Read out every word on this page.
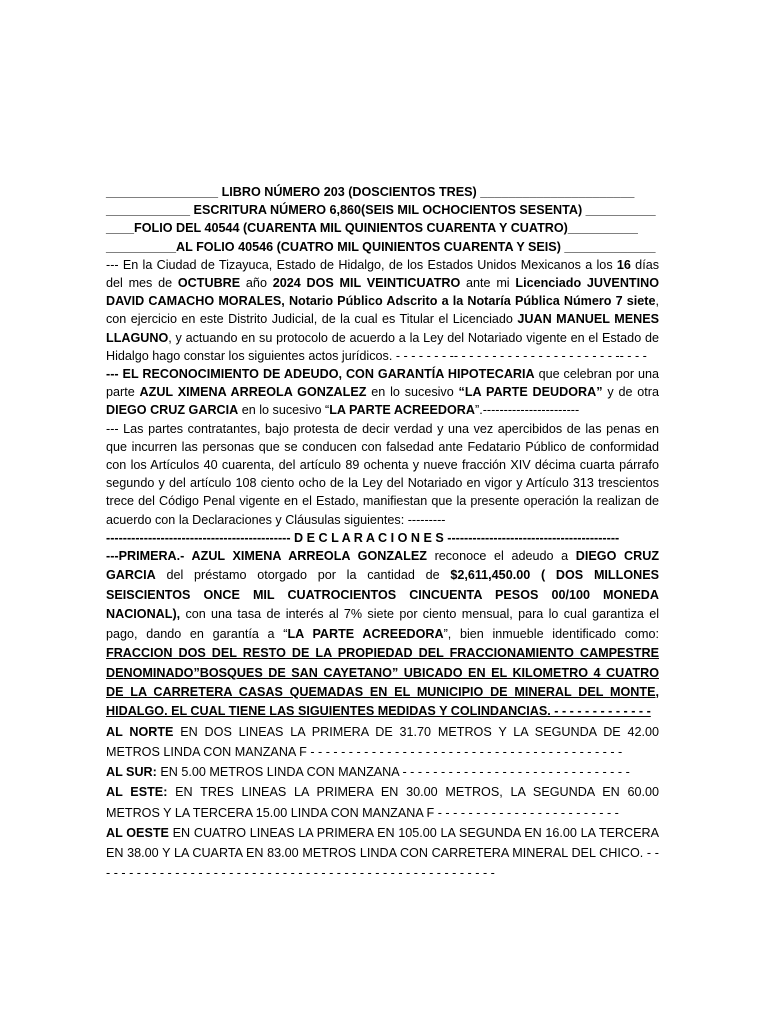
________________ LIBRO NÚMERO 203 (DOSCIENTOS TRES) ______________________

____________ ESCRITURA NÚMERO 6,860(SEIS MIL OCHOCIENTOS SESENTA) __________

____FOLIO DEL 40544 (CUARENTA MIL QUINIENTOS CUARENTA Y CUATRO)__________

__________AL FOLIO 40546 (CUATRO MIL QUINIENTOS CUARENTA Y SEIS) _____________

--- En la Ciudad de Tizayuca, Estado de Hidalgo, de los Estados Unidos Mexicanos a los 16 días del mes de OCTUBRE año 2024 DOS MIL VEINTICUATRO ante mi Licenciado JUVENTINO DAVID CAMACHO MORALES, Notario Público Adscrito a la Notaría Pública Número 7 siete, con ejercicio en este Distrito Judicial, de la cual es Titular el Licenciado JUAN MANUEL MENES LLAGUNO, y actuando en su protocolo de acuerdo a la Ley del Notariado vigente en el Estado de Hidalgo hago constar los siguientes actos jurídicos. - - - - - - - -- - - - - - - - - - - - - - - - - - - - - -- - - -

--- EL RECONOCIMIENTO DE ADEUDO, CON GARANTÍA HIPOTECARIA que celebran por una parte AZUL XIMENA ARREOLA GONZALEZ en lo sucesivo “LA PARTE DEUDORA” y de otra DIEGO CRUZ GARCIA en lo sucesivo “LA PARTE ACREEDORA”.-----------------------

--- Las partes contratantes, bajo protesta de decir verdad y una vez apercibidos de las penas en que incurren las personas que se conducen con falsedad ante Fedatario Público de conformidad con los Artículos 40 cuarenta, del artículo 89 ochenta y nueve fracción XIV décima cuarta párrafo segundo y del artículo 108 ciento ocho de la Ley del Notariado en vigor y Artículo 313 trescientos trece del Código Penal vigente en el Estado, manifiestan que la presente operación la realizan de acuerdo con la Declaraciones y Cláusulas siguientes: ---------

-------------------------------------------- D E C L A R A C I O N E S -----------------------------------------

---PRIMERA.- AZUL XIMENA ARREOLA GONZALEZ reconoce el adeudo a DIEGO CRUZ GARCIA del préstamo otorgado por la cantidad de $2,611,450.00 ( DOS MILLONES SEISCIENTOS ONCE MIL CUATROCIENTOS CINCUENTA PESOS 00/100 MONEDA NACIONAL), con una tasa de interés al 7% siete por ciento mensual, para lo cual garantiza el pago, dando en garantía a “LA PARTE ACREEDORA”, bien inmueble identificado como: FRACCION DOS DEL RESTO DE LA PROPIEDAD DEL FRACCIONAMIENTO CAMPESTRE DENOMINADO”BOSQUES DE SAN CAYETANO” UBICADO EN EL KILOMETRO 4 CUATRO DE LA CARRETERA CASAS QUEMADAS EN EL MUNICIPIO DE MINERAL DEL MONTE, HIDALGO. EL CUAL TIENE LAS SIGUIENTES MEDIDAS Y COLINDANCIAS. - - - - - - - - - - - - -

AL NORTE EN DOS LINEAS LA PRIMERA DE 31.70 METROS Y LA SEGUNDA DE 42.00 METROS LINDA CON MANZANA F - - - - - - - - - - - - - - - - - - - - - - - - - - - - - - - - - - - - - - - - -

AL SUR: EN 5.00 METROS LINDA CON MANZANA - - - - - - - - - - - - - - - - - - - - - - - - - - - - - -

AL ESTE: EN TRES LINEAS LA PRIMERA EN 30.00 METROS, LA SEGUNDA EN 60.00 METROS Y LA TERCERA 15.00 LINDA CON MANZANA F - - - - - - - - - - - - - - - - - - - - - - - -

AL OESTE EN CUATRO LINEAS LA PRIMERA EN 105.00 LA SEGUNDA EN 16.00 LA TERCERA EN 38.00 Y LA CUARTA EN 83.00 METROS LINDA CON CARRETERA MINERAL DEL CHICO. - - - - - - - - - - - - - - - - - - - - - - - - - - - - - - - - - - - - - - - - - - - - - - - - - - - - -
